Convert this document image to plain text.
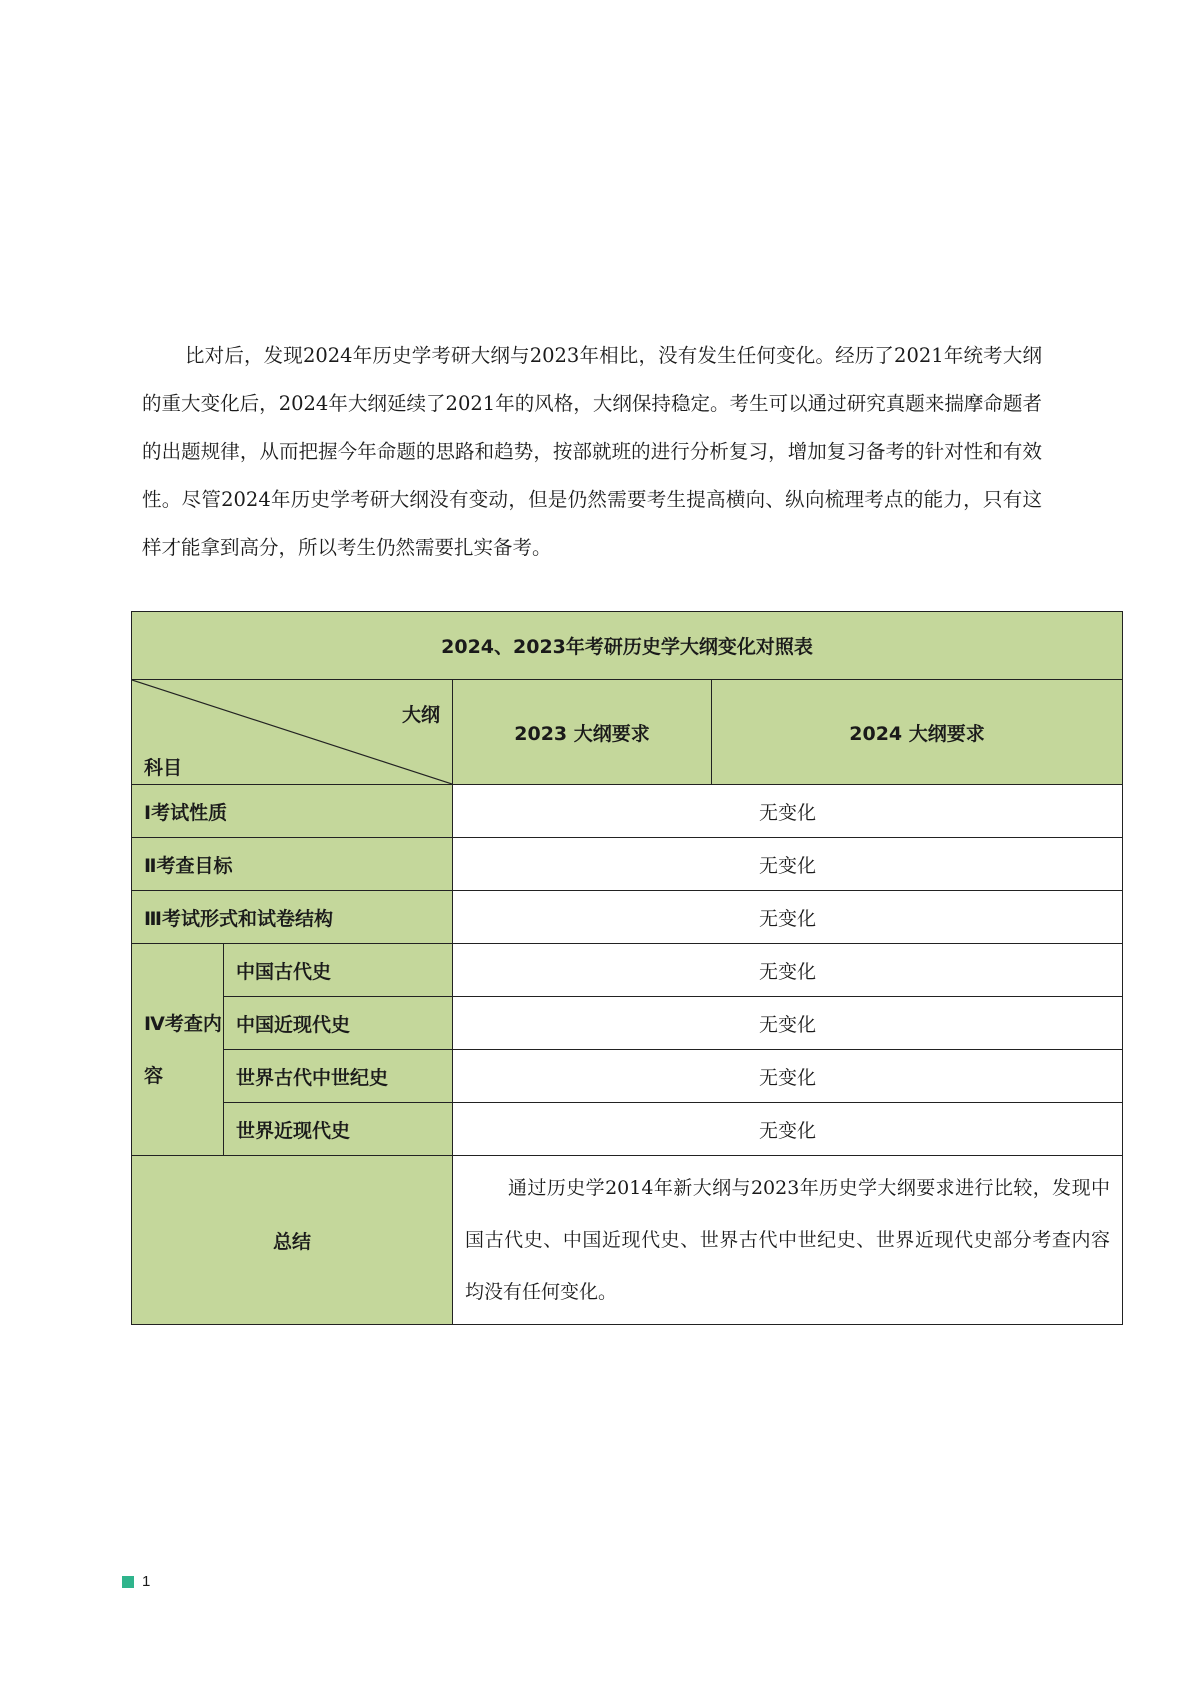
比对后，发现2024年历史学考研大纲与2023年相比，没有发生任何变化。经历了2021年统考大纲的重大变化后，2024年大纲延续了2021年的风格，大纲保持稳定。考生可以通过研究真题来揣摩命题者的出题规律，从而把握今年命题的思路和趋势，按部就班的进行分析复习，增加复习备考的针对性和有效性。尽管2024年历史学考研大纲没有变动，但是仍然需要考生提高横向、纵向梳理考点的能力，只有这样才能拿到高分，所以考生仍然需要扎实备考。

2024、2023年考研历史学大纲变化对照表			

大纲
科目		2023 大纲要求	2024 大纲要求
Ⅰ考试性质		无变化	
Ⅱ考查目标		无变化	
Ⅲ考试形式和试卷结构		无变化	
Ⅳ考查内容	中国古代史	无变化	
	中国近现代史	无变化	
	世界古代中世纪史	无变化	
	世界近现代史	无变化	
总结		通过历史学2014年新大纲与2023年历史学大纲要求进行比较，发现中国古代史、中国近现代史、世界古代中世纪史、世界近现代史部分考查内容均没有任何变化。	
1
